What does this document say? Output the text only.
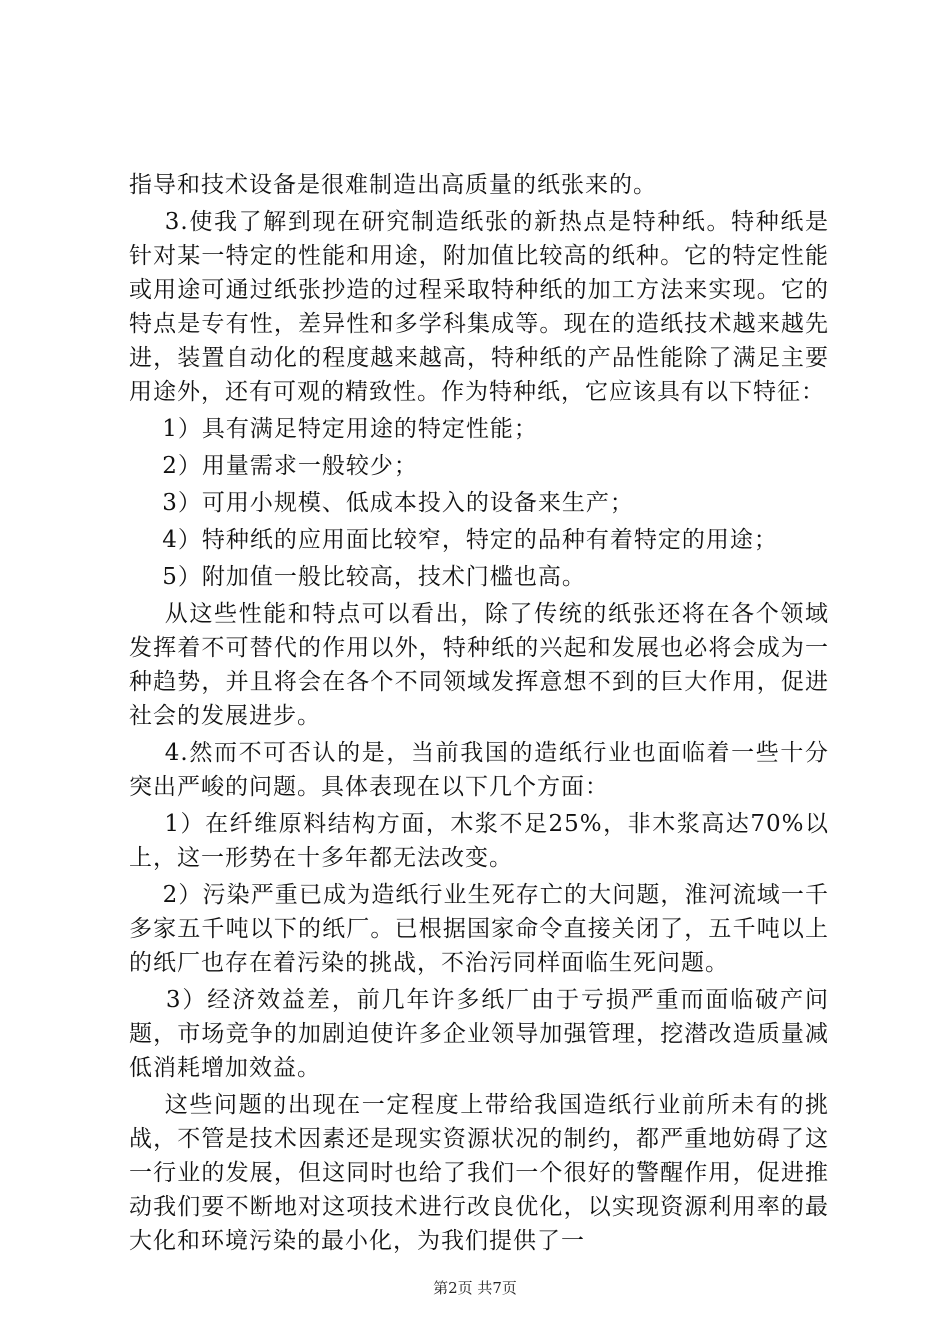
指导和技术设备是很难制造出高质量的纸张来的。

3.使我了解到现在研究制造纸张的新热点是特种纸。特种纸是针对某一特定的性能和用途，附加值比较高的纸种。它的特定性能或用途可通过纸张抄造的过程采取特种纸的加工方法来实现。它的特点是专有性，差异性和多学科集成等。现在的造纸技术越来越先进，装置自动化的程度越来越高，特种纸的产品性能除了满足主要用途外，还有可观的精致性。作为特种纸，它应该具有以下特征：

1）具有满足特定用途的特定性能；

2）用量需求一般较少；

3）可用小规模、低成本投入的设备来生产；

4）特种纸的应用面比较窄，特定的品种有着特定的用途；

5）附加值一般比较高，技术门槛也高。

从这些性能和特点可以看出，除了传统的纸张还将在各个领域发挥着不可替代的作用以外，特种纸的兴起和发展也必将会成为一种趋势，并且将会在各个不同领域发挥意想不到的巨大作用，促进社会的发展进步。

4.然而不可否认的是，当前我国的造纸行业也面临着一些十分突出严峻的问题。具体表现在以下几个方面：

1）在纤维原料结构方面，木浆不足25%，非木浆高达70%以上，这一形势在十多年都无法改变。

2）污染严重已成为造纸行业生死存亡的大问题，淮河流域一千多家五千吨以下的纸厂。已根据国家命令直接关闭了，五千吨以上的纸厂也存在着污染的挑战，不治污同样面临生死问题。

3）经济效益差，前几年许多纸厂由于亏损严重而面临破产问题，市场竞争的加剧迫使许多企业领导加强管理，挖潜改造质量减低消耗增加效益。

这些问题的出现在一定程度上带给我国造纸行业前所未有的挑战，不管是技术因素还是现实资源状况的制约，都严重地妨碍了这一行业的发展，但这同时也给了我们一个很好的警醒作用，促进推动我们要不断地对这项技术进行改良优化，以实现资源利用率的最大化和环境污染的最小化，为我们提供了一

第2页 共7页
